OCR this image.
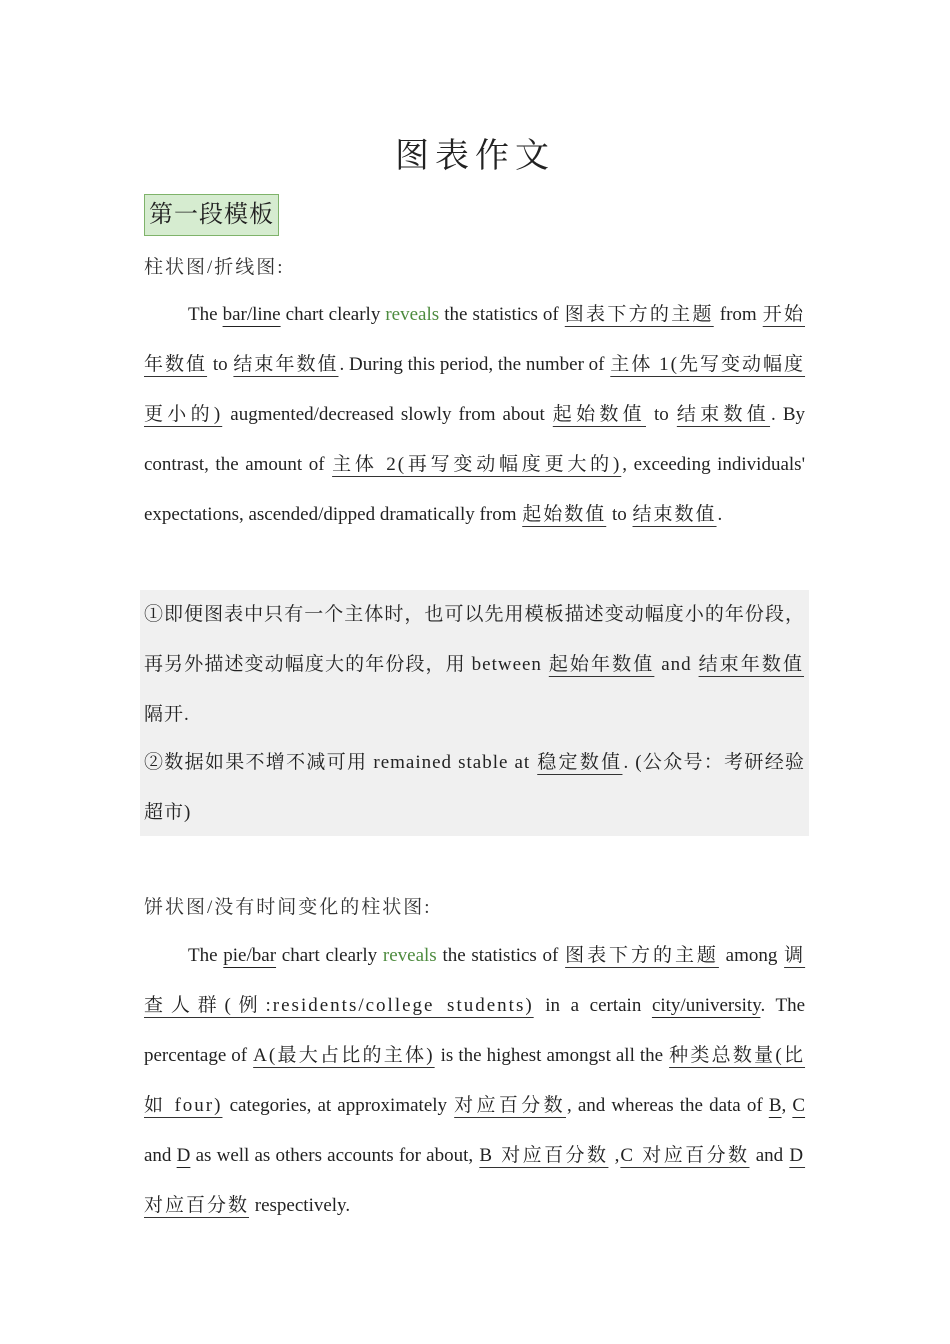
图表作文
第一段模板
柱状图/折线图:
The bar/line chart clearly reveals the statistics of 图表下方的主题 from 开始年数值 to 结束年数值. During this period, the number of 主体 1(先写变动幅度更小的) augmented/decreased slowly from about 起始数值 to 结束数值. By contrast, the amount of 主体 2(再写变动幅度更大的), exceeding individuals' expectations, ascended/dipped dramatically from 起始数值 to 结束数值.
①即便图表中只有一个主体时，也可以先用模板描述变动幅度小的年份段，再另外描述变动幅度大的年份段，用 between 起始年数值 and 结束年数值 隔开.
②数据如果不增不减可用 remained stable at 稳定数值. (公众号：考研经验超市)
饼状图/没有时间变化的柱状图:
The pie/bar chart clearly reveals the statistics of 图表下方的主题 among 调查人群(例:residents/college students) in a certain city/university. The percentage of A(最大占比的主体) is the highest amongst all the 种类总数量(比如 four) categories, at approximately 对应百分数, and whereas the data of B, C and D as well as others accounts for about, B 对应百分数 ,C 对应百分数 and D 对应百分数 respectively.
